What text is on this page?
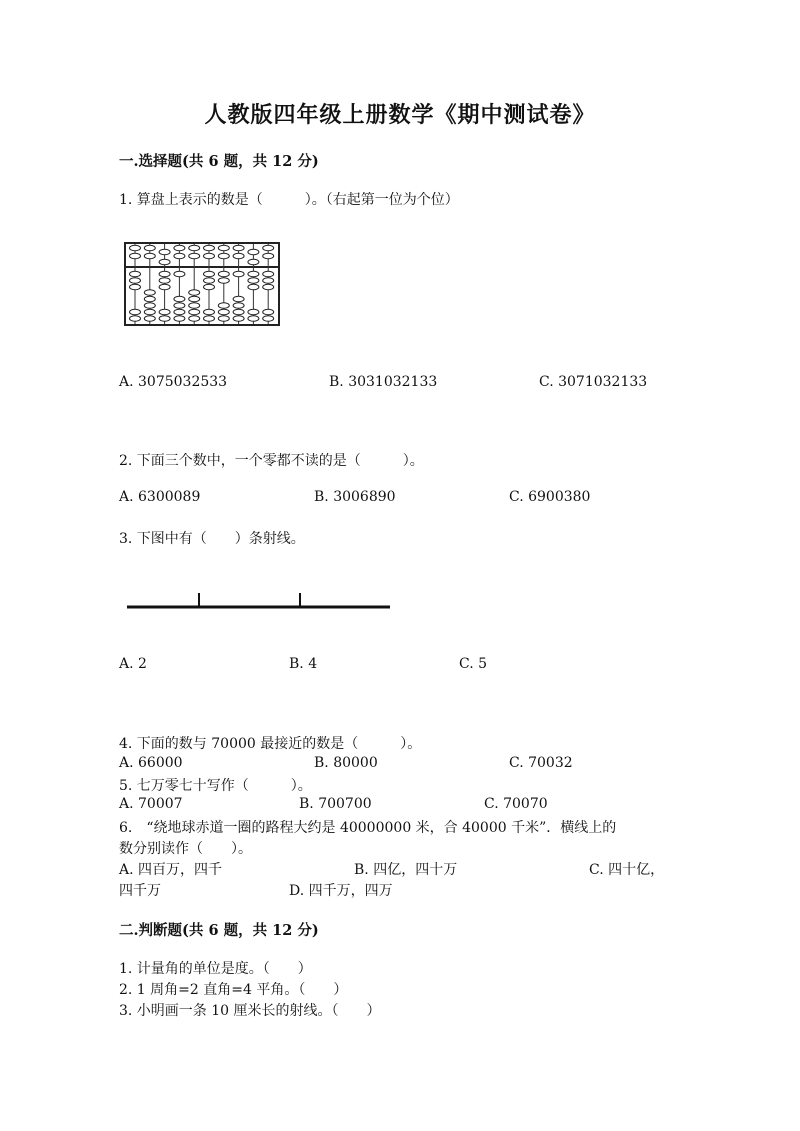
人教版四年级上册数学《期中测试卷》
一.选择题(共 6 题，共 12 分)
1. 算盘上表示的数是（　　　）。（右起第一位为个位）
A. 3075032533	B. 3031032133	C. 3071032133
2. 下面三个数中，一个零都不读的是（　　　）。
A. 6300089	B. 3006890	C. 6900380
3. 下图中有（　　）条射线。
A. 2	B. 4	C. 5
4. 下面的数与 70000 最接近的数是（　　　）。
A. 66000	B. 80000	C. 70032
5. 七万零七十写作（　　　）。
A. 70007	B. 700700	C. 70070
6.　“绕地球赤道一圈的路程大约是 40000000 米，合 40000 千米”．横线上的
数分别读作（　　）。
A. 四百万，四千	B. 四亿，四十万	C. 四十亿，
四千万	D. 四千万，四万
二.判断题(共 6 题，共 12 分)
1. 计量角的单位是度。（　　）
2. 1 周角=2 直角=4 平角。（　　）
3. 小明画一条 10 厘米长的射线。（　　）
